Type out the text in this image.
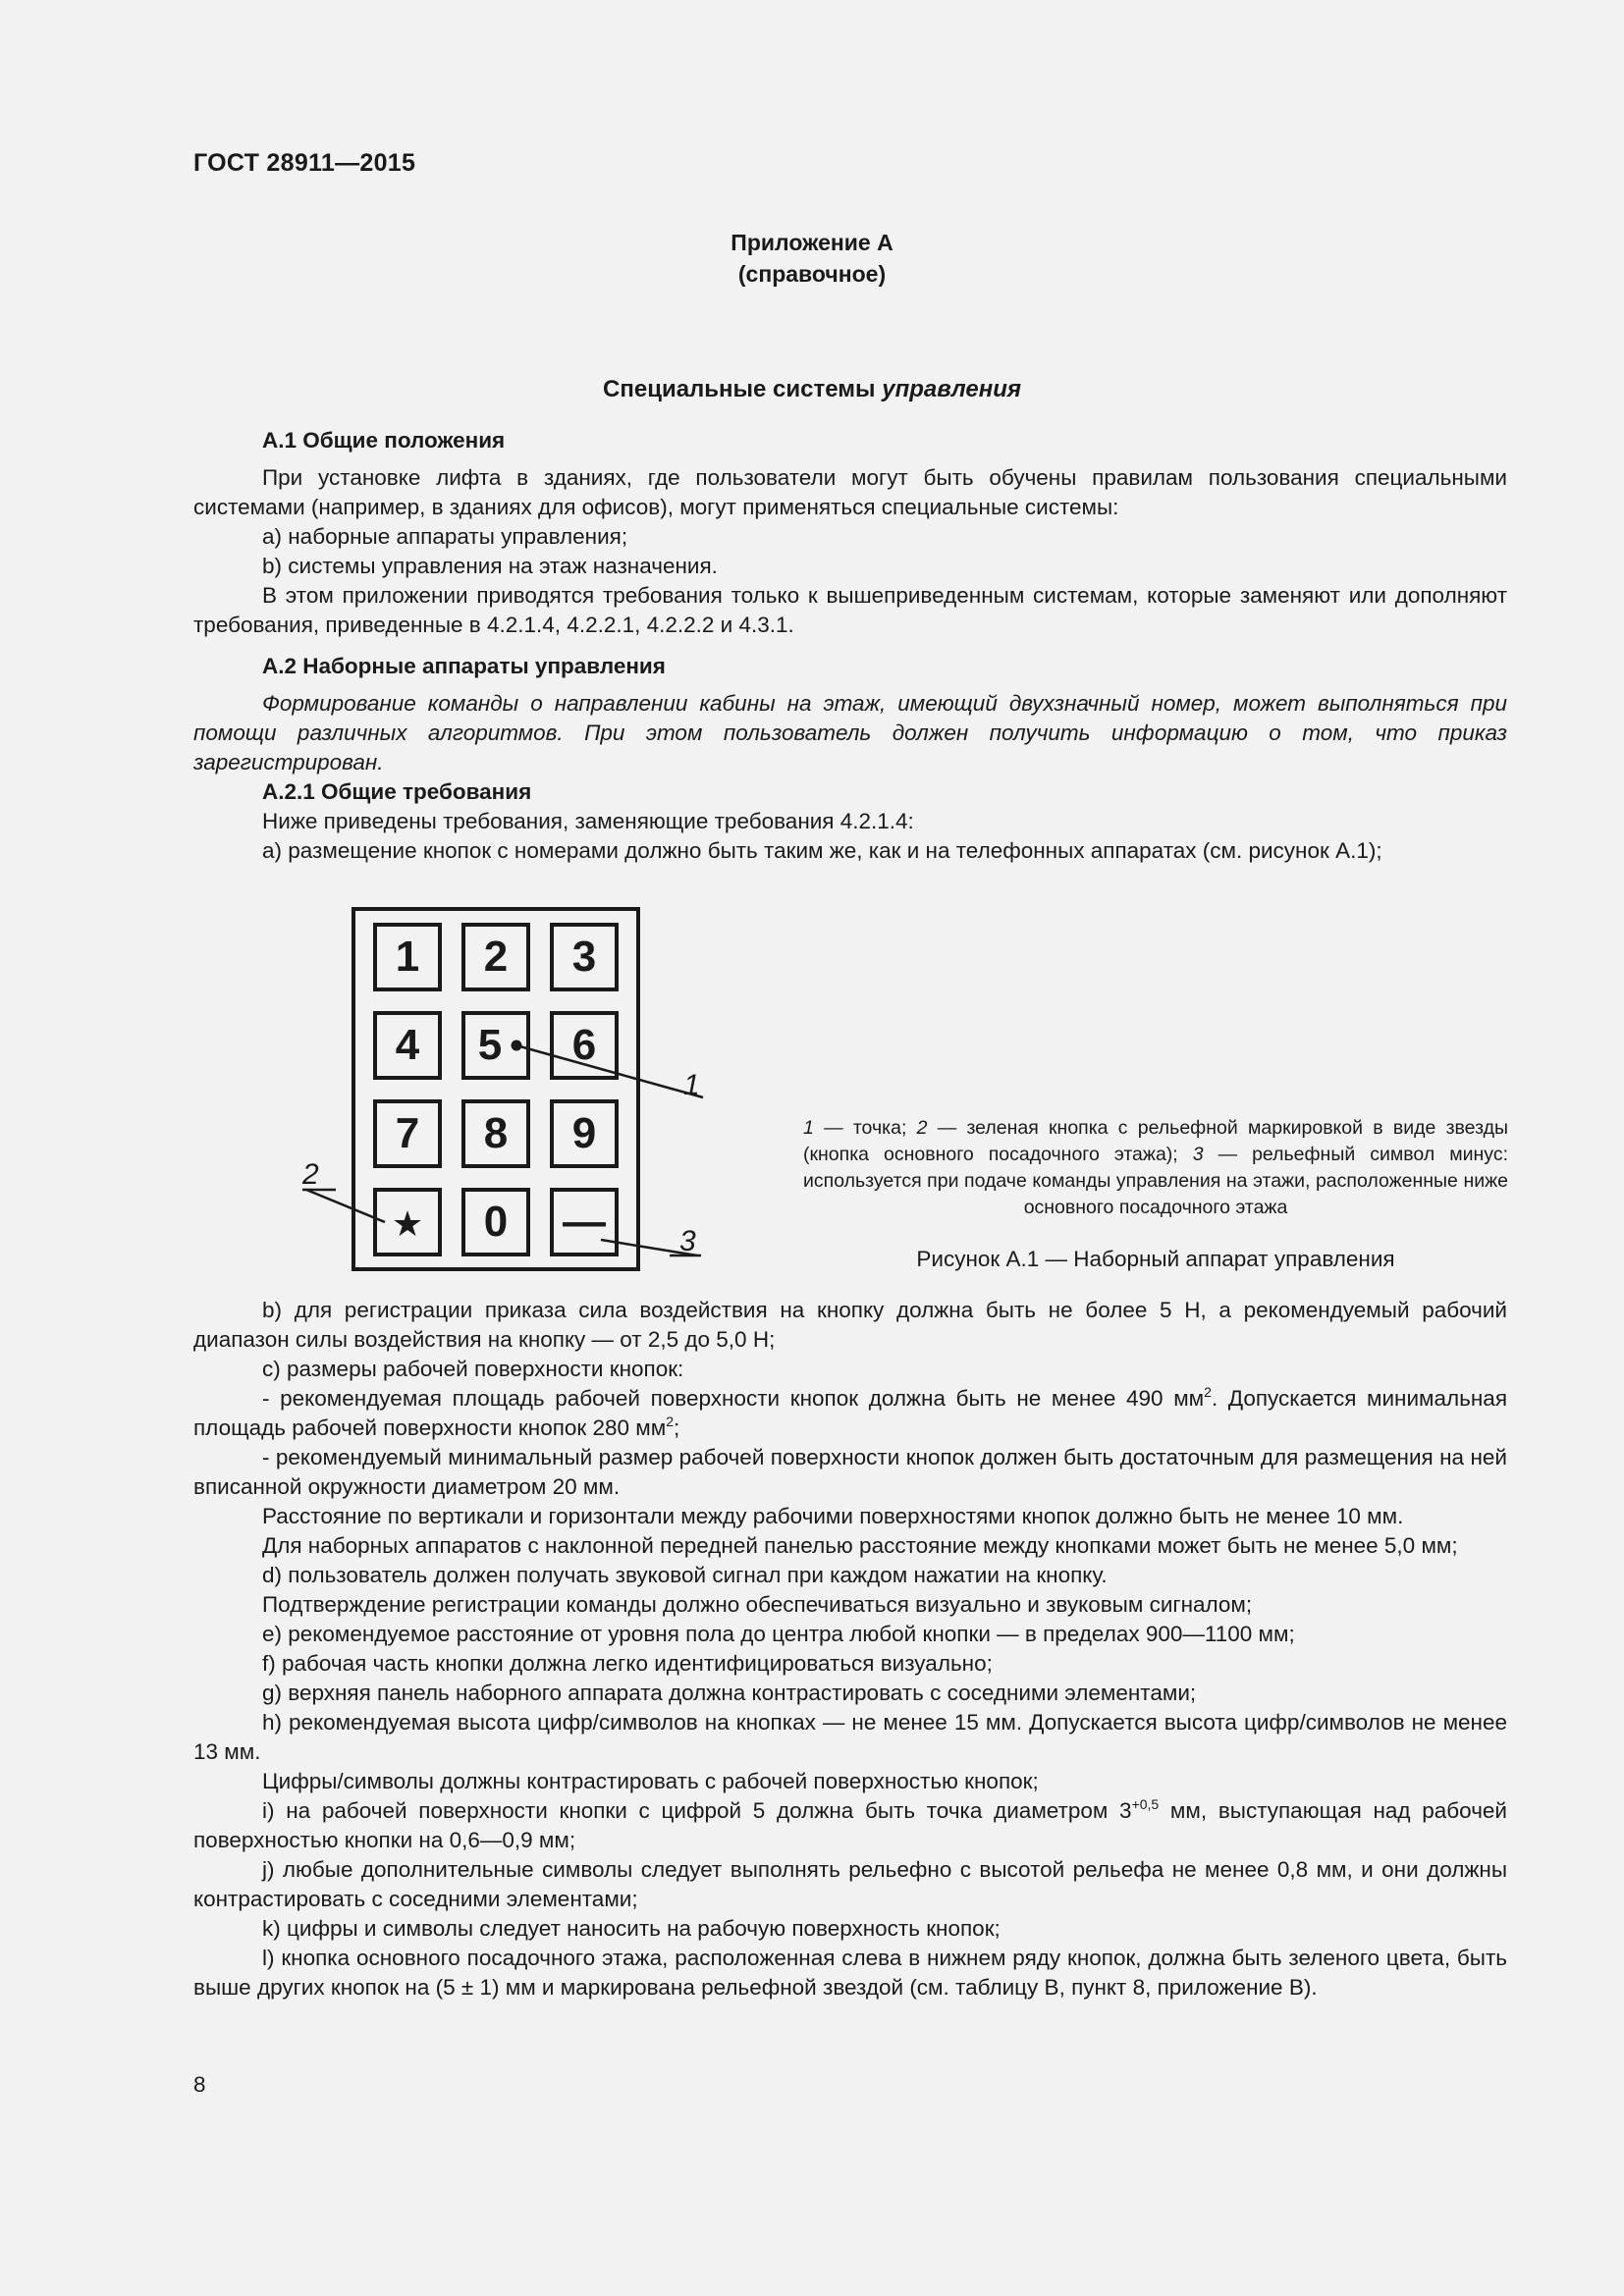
ГОСТ 28911—2015
Приложение А
(справочное)
Специальные системы управления
А.1 Общие положения

При установке лифта в зданиях, где пользователи могут быть обучены правилам пользования специальными системами (например, в зданиях для офисов), могут применяться специальные системы:

а) наборные аппараты управления;

b) системы управления на этаж назначения.

В этом приложении приводятся требования только к вышеприведенным системам, которые заменяют или дополняют требования, приведенные в 4.2.1.4, 4.2.2.1, 4.2.2.2 и 4.3.1.

А.2 Наборные аппараты управления

Формирование команды о направлении кабины на этаж, имеющий двухзначный номер, может выполняться при помощи различных алгоритмов. При этом пользователь должен получить информацию о том, что приказ зарегистрирован.

А.2.1 Общие требования

Ниже приведены требования, заменяющие требования 4.2.1.4:

а) размещение кнопок с номерами должно быть таким же, как и на телефонных аппаратах (см. рисунок А.1);

1 2 3
4 5 6
7 8 9
★ 0 —
1
2
3
1 — точка; 2 — зеленая кнопка с рельефной маркировкой в виде звезды (кнопка основного посадочного этажа); 3 — рельефный символ минус: используется при подаче команды управления на этажи, расположенные ниже основного посадочного этажа
Рисунок А.1 — Наборный аппарат управления

b) для регистрации приказа сила воздействия на кнопку должна быть не более 5 Н, а рекомендуемый рабочий диапазон силы воздействия на кнопку — от 2,5 до 5,0 Н;

с) размеры рабочей поверхности кнопок:

- рекомендуемая площадь рабочей поверхности кнопок должна быть не менее 490 $мм^2$. Допускается минимальная площадь рабочей поверхности кнопок 280 $мм^2$;

- рекомендуемый минимальный размер рабочей поверхности кнопок должен быть достаточным для размещения на ней вписанной окружности диаметром 20 мм.

Расстояние по вертикали и горизонтали между рабочими поверхностями кнопок должно быть не менее 10 мм.

Для наборных аппаратов с наклонной передней панелью расстояние между кнопками может быть не менее 5,0 мм;

d) пользователь должен получать звуковой сигнал при каждом нажатии на кнопку.

Подтверждение регистрации команды должно обеспечиваться визуально и звуковым сигналом;

е) рекомендуемое расстояние от уровня пола до центра любой кнопки — в пределах 900—1100 мм;

f) рабочая часть кнопки должна легко идентифицироваться визуально;

g) верхняя панель наборного аппарата должна контрастировать с соседними элементами;

h) рекомендуемая высота цифр/символов на кнопках — не менее 15 мм. Допускается высота цифр/символов не менее 13 мм.

Цифры/символы должны контрастировать с рабочей поверхностью кнопок;

i) на рабочей поверхности кнопки с цифрой 5 должна быть точка диаметром $3^{+0,5}$ мм, выступающая над рабочей поверхностью кнопки на 0,6—0,9 мм;

j) любые дополнительные символы следует выполнять рельефно с высотой рельефа не менее 0,8 мм, и они должны контрастировать с соседними элементами;

k) цифры и символы следует наносить на рабочую поверхность кнопок;

l) кнопка основного посадочного этажа, расположенная слева в нижнем ряду кнопок, должна быть зеленого цвета, быть выше других кнопок на (5 ± 1) мм и маркирована рельефной звездой (см. таблицу В, пункт 8, приложение В).

8
